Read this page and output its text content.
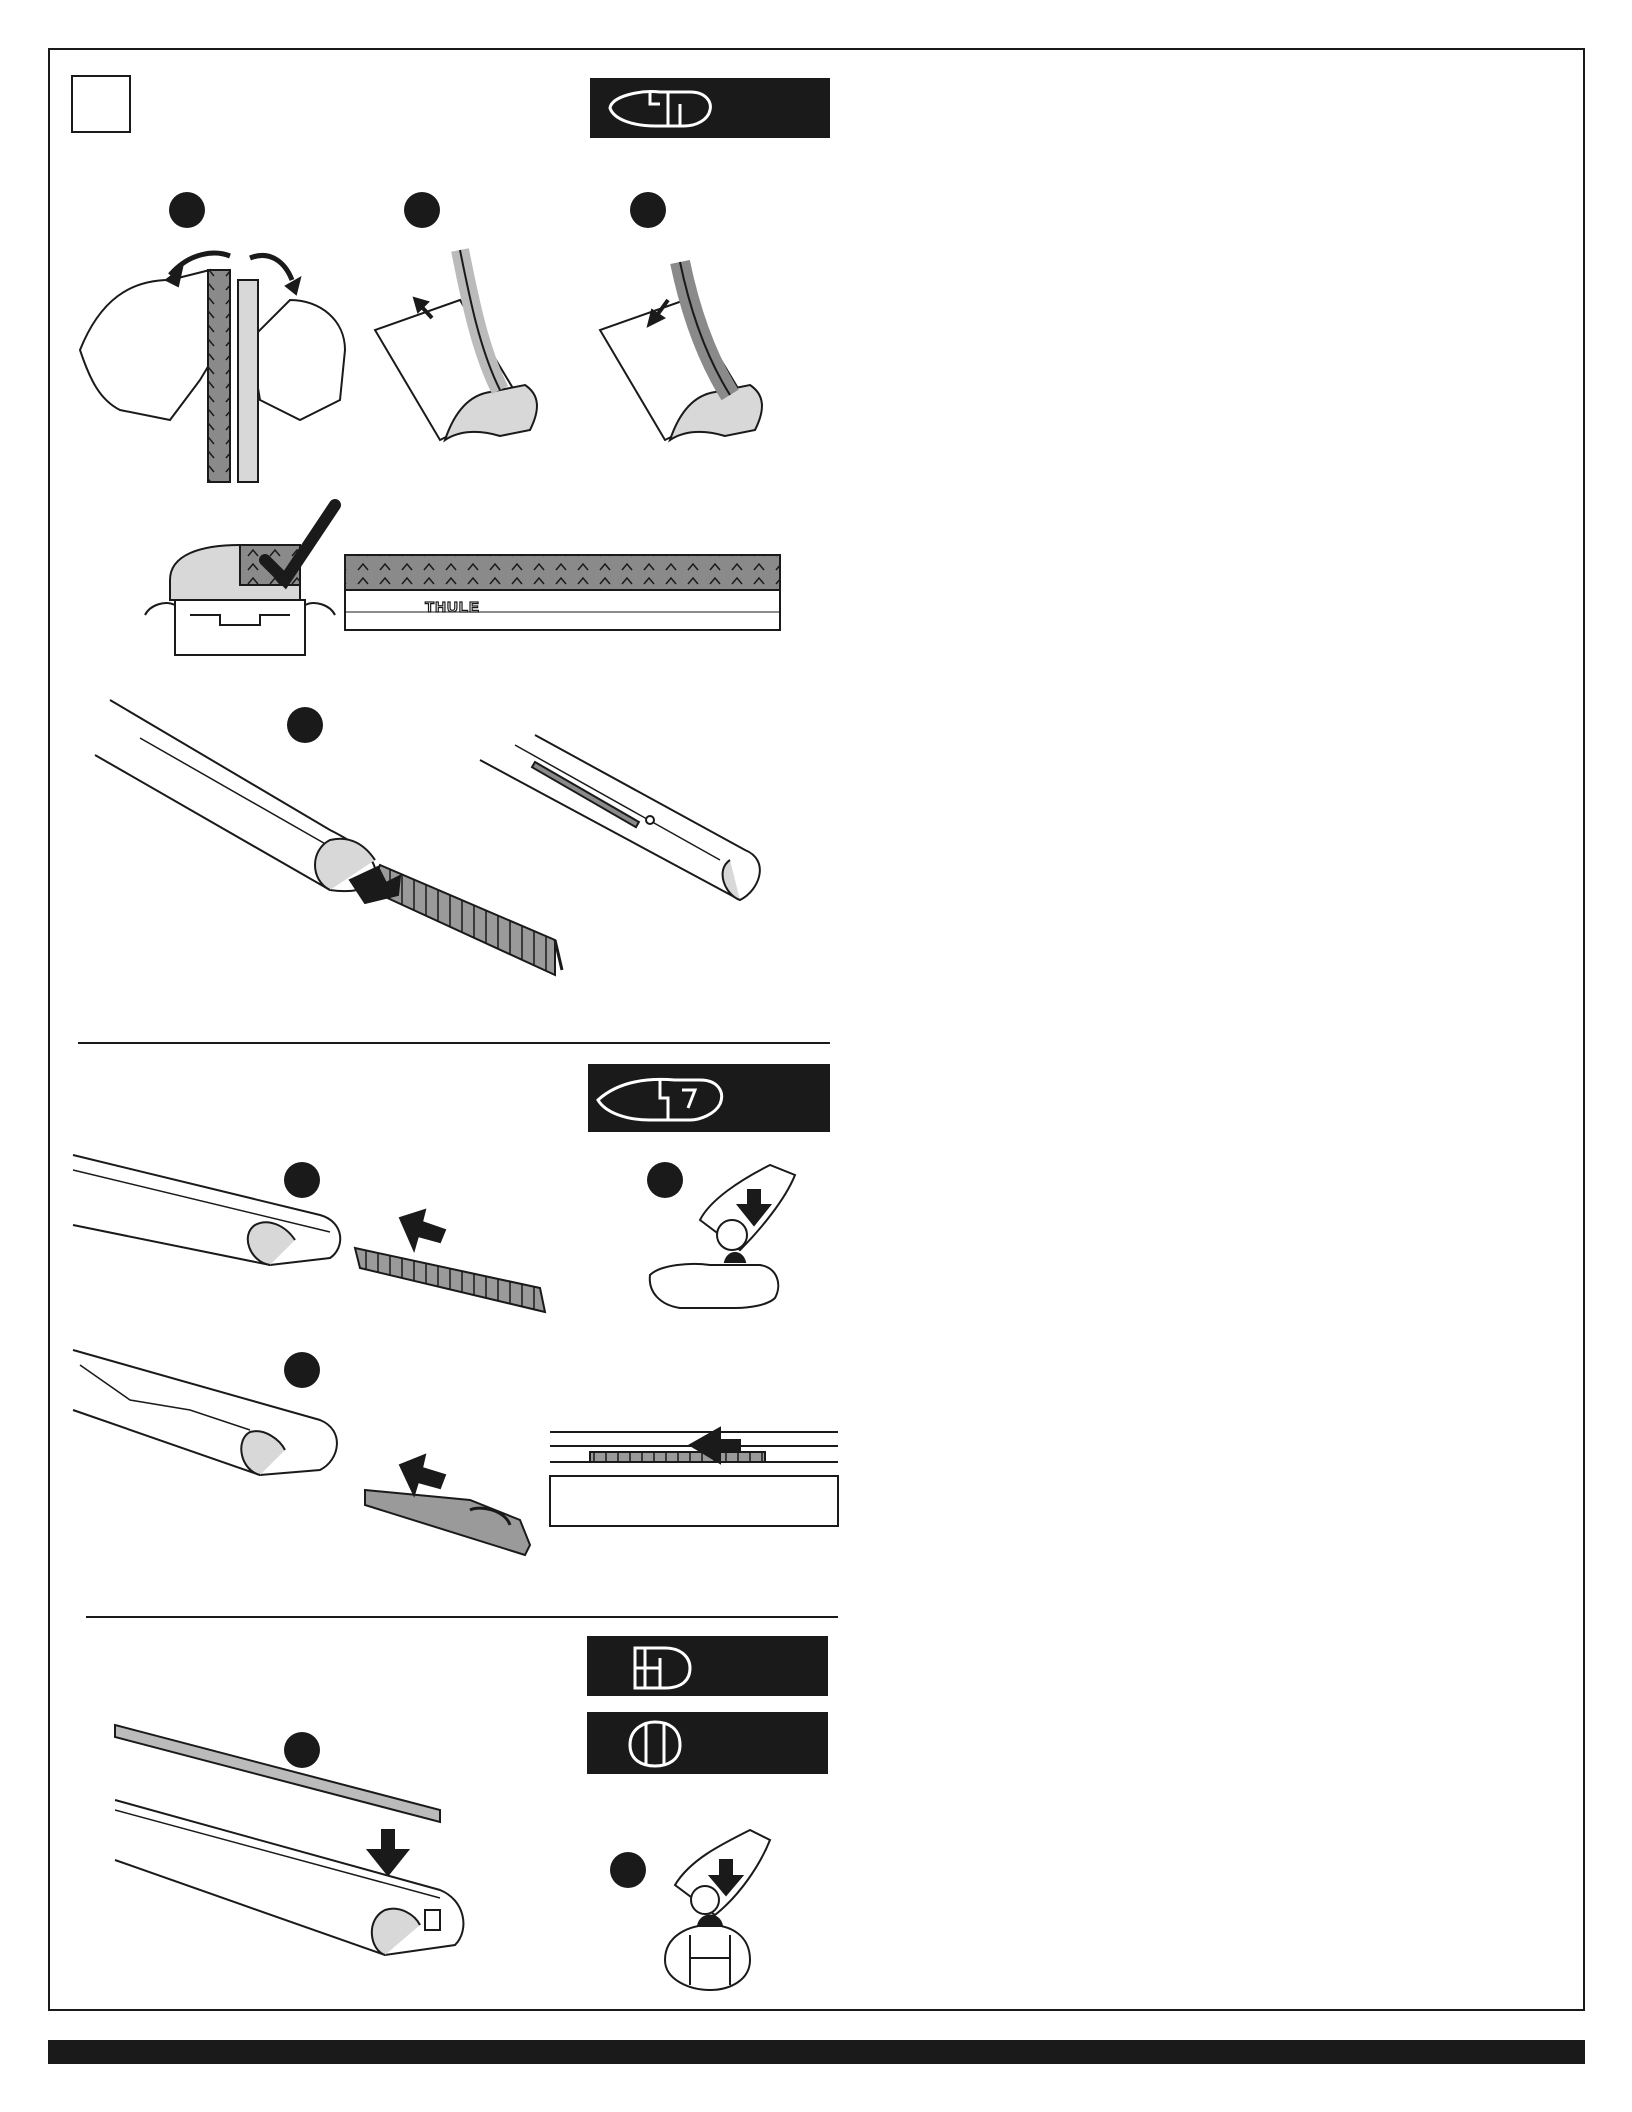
THULE
